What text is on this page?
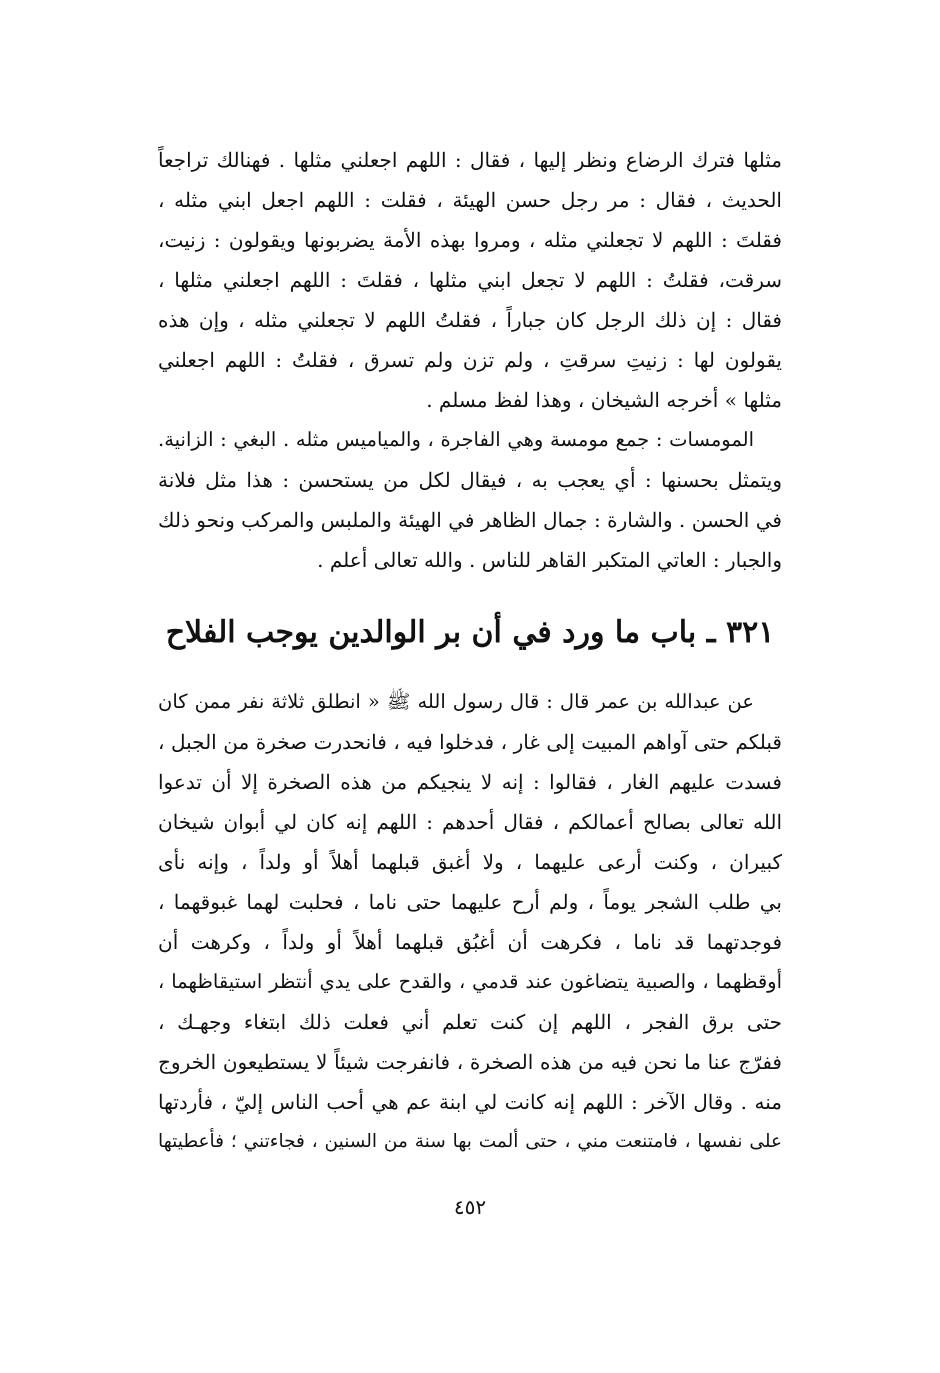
مثلها فترك الرضاع ونظر إليها ، فقال : اللهم اجعلني مثلها . فهنالك تراجعاً
الحديث ، فقال : مر رجل حسن الهيئة ، فقلت : اللهم اجعل ابني مثله ،
فقلتَ : اللهم لا تجعلني مثله ، ومروا بهذه الأمة يضربونها ويقولون : زنيت،
سرقت، فقلتُ : اللهم لا تجعل ابني مثلها ، فقلتَ : اللهم اجعلني مثلها ،
فقال : إن ذلك الرجل كان جباراً ، فقلتُ اللهم لا تجعلني مثله ، وإن هذه
يقولون لها : زنيتِ سرقتِ ، ولم تزن ولم تسرق ، فقلتُ : اللهم اجعلني
مثلها » أخرجه الشيخان ، وهذا لفظ مسلم .
المومسات : جمع مومسة وهي الفاجرة ، والمياميس مثله . البغي : الزانية.
ويتمثل بحسنها : أي يعجب به ، فيقال لكل من يستحسن : هذا مثل فلانة
في الحسن . والشارة : جمال الظاهر في الهيئة والملبس والمركب ونحو ذلك
والجبار : العاتي المتكبر القاهر للناس . والله تعالى أعلم .
٣٢١ ـ باب ما ورد في أن بر الوالدين يوجب الفلاح
عن عبدالله بن عمر قال : قال رسول الله ﷺ « انطلق ثلاثة نفر ممن كان
قبلكم حتى آواهم المبيت إلى غار ، فدخلوا فيه ، فانحدرت صخرة من الجبل ،
فسدت عليهم الغار ، فقالوا : إنه لا ينجيكم من هذه الصخرة إلا أن تدعوا
الله تعالى بصالح أعمالكم ، فقال أحدهم : اللهم إنه كان لي أبوان شيخان
كبيران ، وكنت أرعى عليهما ، ولا أغبق قبلهما أهلاً أو ولداً ، وإنه نأى
بي طلب الشجر يوماً ، ولم أرح عليهما حتى ناما ، فحلبت لهما غبوقهما ،
فوجدتهما قد ناما ، فكرهت أن أغبُق قبلهما أهلاً أو ولداً ، وكرهت أن
أوقظهما ، والصبية يتضاغون عند قدمي ، والقدح على يدي أنتظر استيقاظهما ،
حتى برق الفجر ، اللهم إن كنت تعلم أني فعلت ذلك ابتغاء وجهـك ،
ففرّج عنا ما نحن فيه من هذه الصخرة ، فانفرجت شيئاً لا يستطيعون الخروج
منه . وقال الآخر : اللهم إنه كانت لي ابنة عم هي أحب الناس إليّ ، فأردتها
على نفسها ، فامتنعت مني ، حتى ألمت بها سنة من السنين ، فجاءتني ؛ فأعطيتها
٤٥٢
